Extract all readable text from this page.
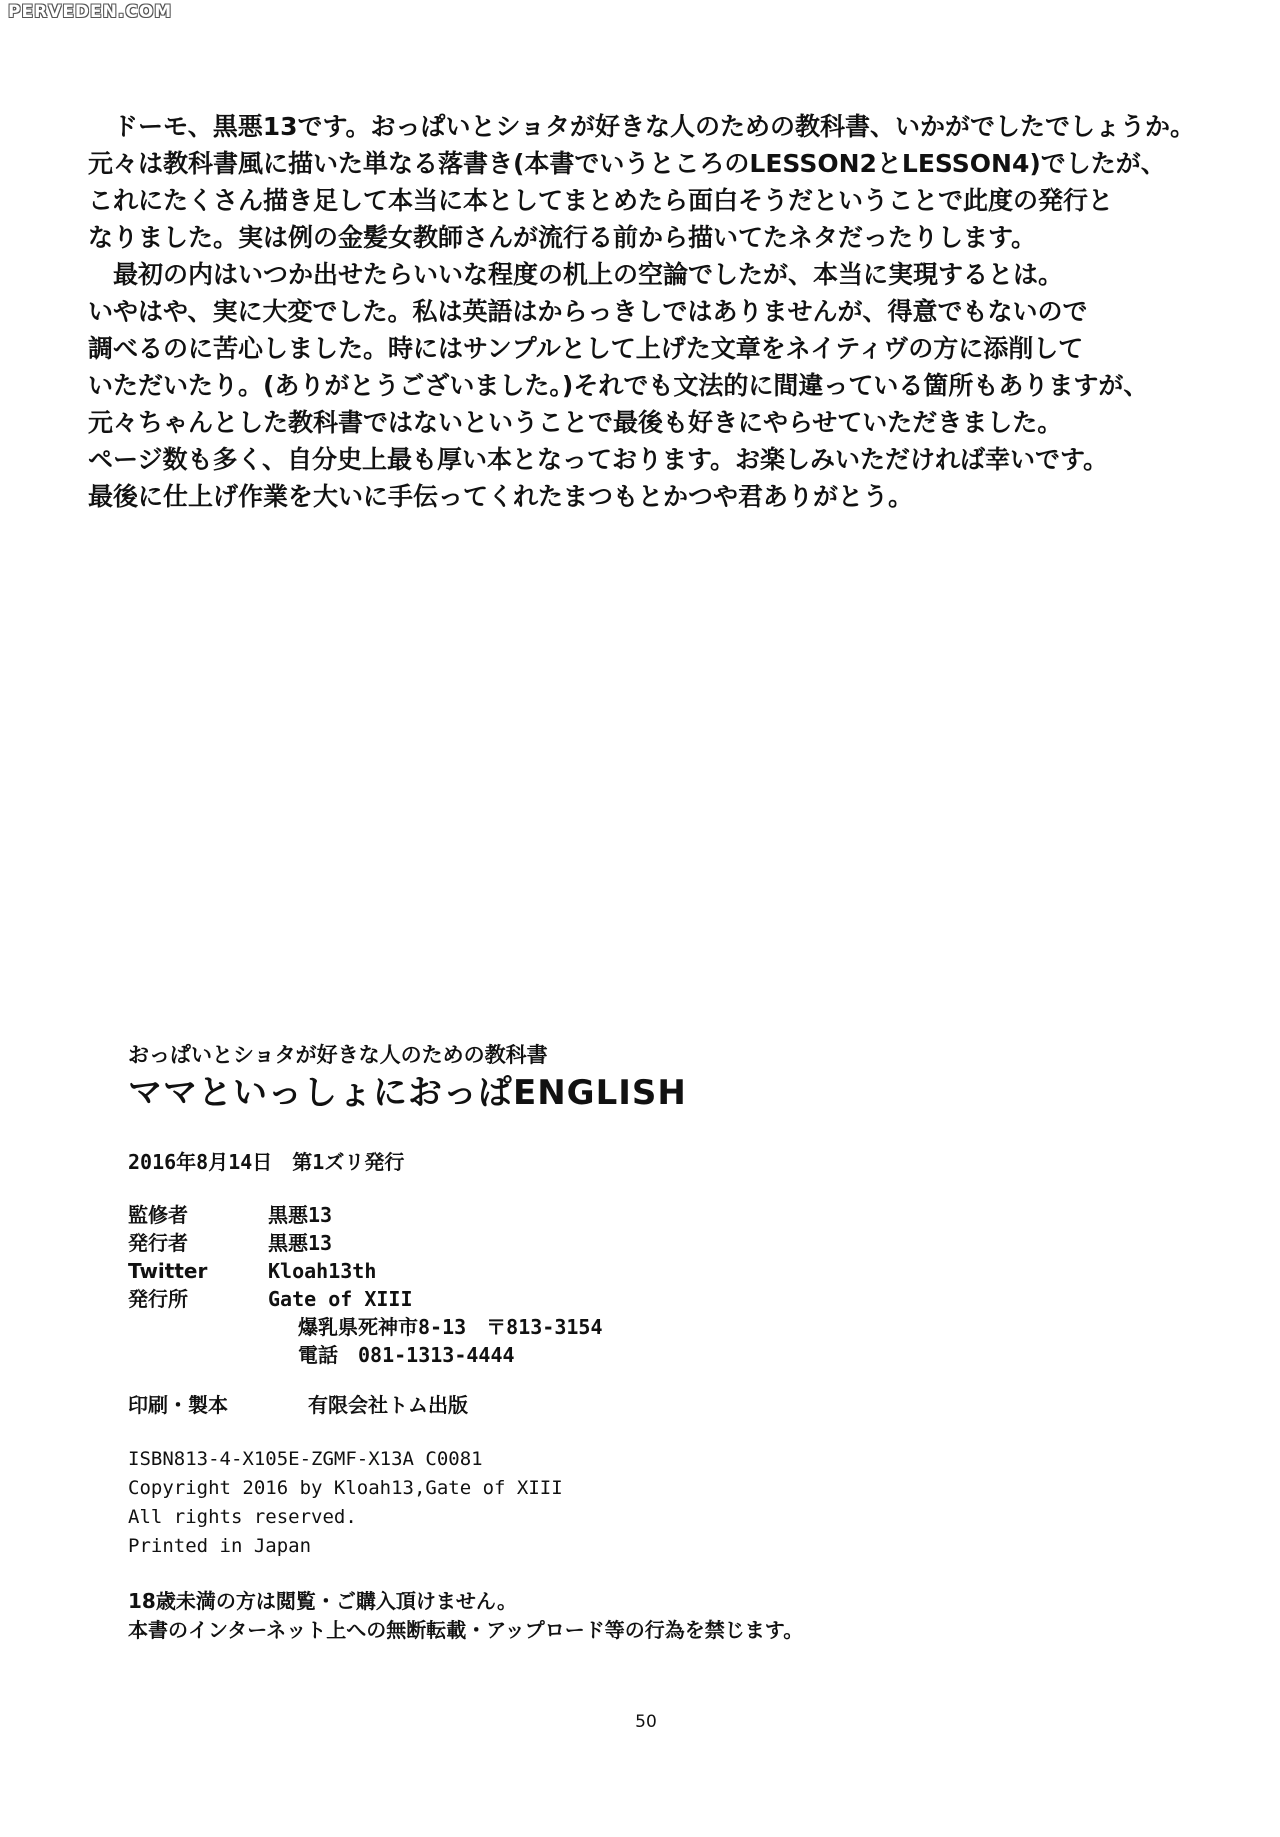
PERVEDEN.COM
　ドーモ、黒悪13です。おっぱいとショタが好きな人のための教科書、いかがでしたでしょうか。
元々は教科書風に描いた単なる落書き(本書でいうところのLESSON2とLESSON4)でしたが、
これにたくさん描き足して本当に本としてまとめたら面白そうだということで此度の発行と
なりました。実は例の金髪女教師さんが流行る前から描いてたネタだったりします。
　最初の内はいつか出せたらいいな程度の机上の空論でしたが、本当に実現するとは。
いやはや、実に大変でした。私は英語はからっきしではありませんが、得意でもないので
調べるのに苦心しました。時にはサンプルとして上げた文章をネイティヴの方に添削して
いただいたり。(ありがとうございました。)それでも文法的に間違っている箇所もありますが、
元々ちゃんとした教科書ではないということで最後も好きにやらせていただきました。
ページ数も多く、自分史上最も厚い本となっております。お楽しみいただければ幸いです。
最後に仕上げ作業を大いに手伝ってくれたまつもとかつや君ありがとう。
おっぱいとショタが好きな人のための教科書
ママといっしょにおっぱENGLISH
2016年8月14日　第1ズリ発行
監修者	黒悪13
発行者	黒悪13
Twitter	Kloah13th
発行所	Gate of XIII
爆乳県死神市8-13　〒813-3154
電話　081-1313-4444
印刷・製本	有限会社トム出版
ISBN813-4-X105E-ZGMF-X13A C0081
Copyright 2016 by Kloah13,Gate of XIII
All rights reserved.
Printed in Japan
18歳未満の方は閲覧・ご購入頂けません。
本書のインターネット上への無断転載・アップロード等の行為を禁じます。
50
